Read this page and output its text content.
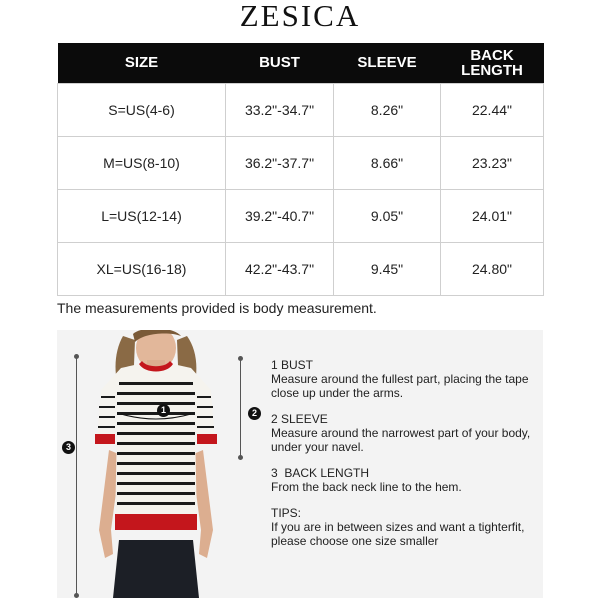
ZESICA
SIZE	BUST	SLEEVE	BACK
LENGTH
S=US(4-6)	33.2"-34.7"	8.26"	22.44"
M=US(8-10)	36.2"-37.7"	8.66"	23.23"
L=US(12-14)	39.2"-40.7"	9.05"	24.01"
XL=US(16-18)	42.2"-43.7"	9.45"	24.80"
The measurements provided is body measurement.
3
1	2
1 BUST
Measure around the fullest part, placing the tape close up under the arms.
2 SLEEVE
Measure around the narrowest part of your body, under your navel.
3  BACK LENGTH
From the back neck line to the hem.
TIPS:
If you are in between sizes and want a tighterfit, please choose one size smaller
